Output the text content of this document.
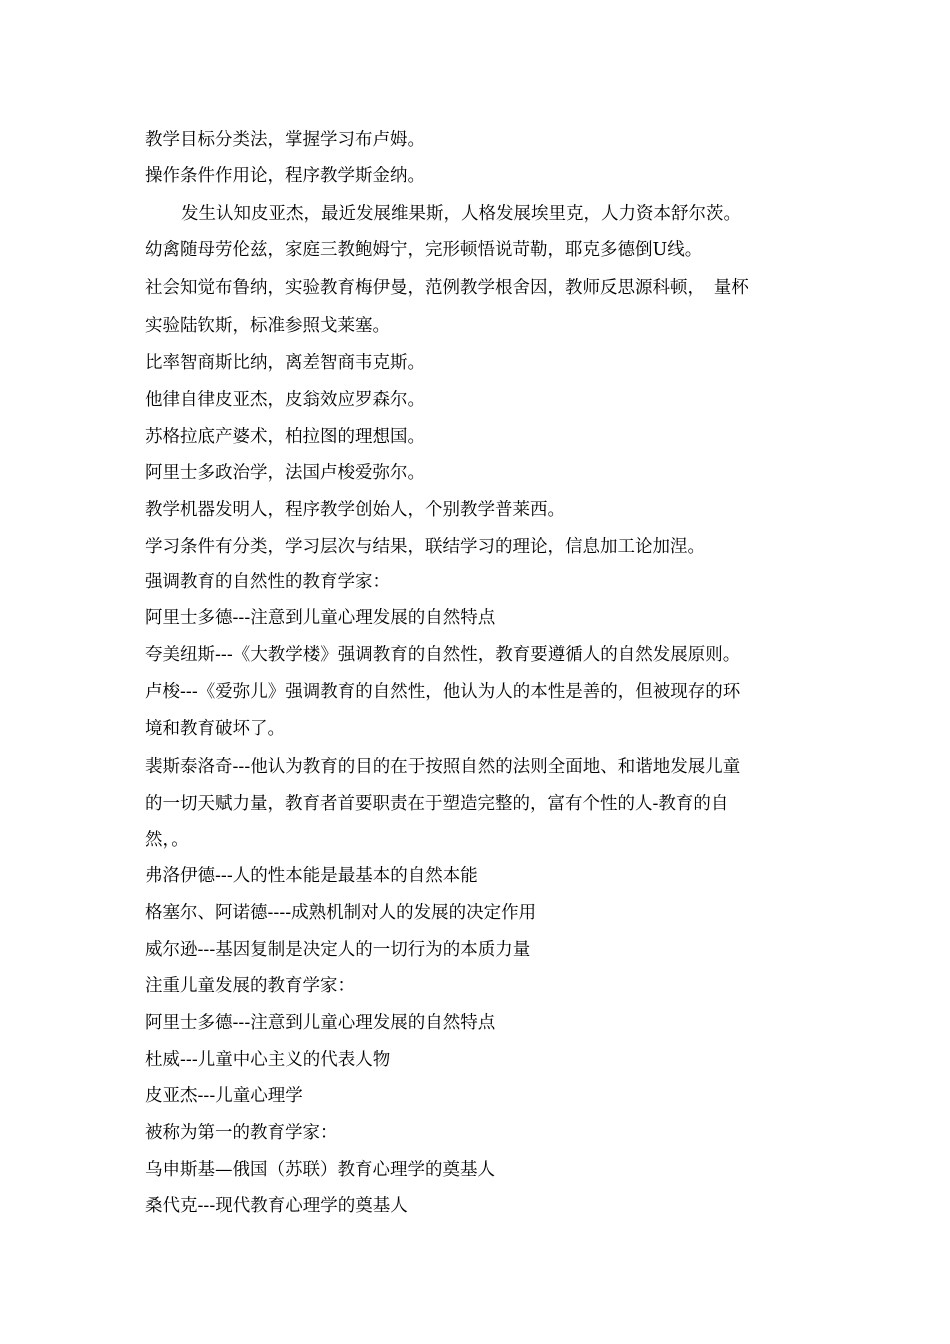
教学目标分类法，掌握学习布卢姆。
操作条件作用论，程序教学斯金纳。
发生认知皮亚杰，最近发展维果斯，人格发展埃里克，人力资本舒尔茨。
幼禽随母劳伦兹，家庭三教鲍姆宁，完形顿悟说苛勒，耶克多德倒U线。
社会知觉布鲁纳，实验教育梅伊曼，范例教学根舍因，教师反思源科顿，　量杯
实验陆钦斯，标准参照戈莱塞。
比率智商斯比纳，离差智商韦克斯。
他律自律皮亚杰，皮翁效应罗森尔。
苏格拉底产婆术，柏拉图的理想国。
阿里士多政治学，法国卢梭爱弥尔。
教学机器发明人，程序教学创始人，个别教学普莱西。
学习条件有分类，学习层次与结果，联结学习的理论，信息加工论加涅。
强调教育的自然性的教育学家：
阿里士多德---注意到儿童心理发展的自然特点
夸美纽斯---《大教学楼》强调教育的自然性，教育要遵循人的自然发展原则。
卢梭---《爱弥儿》强调教育的自然性，他认为人的本性是善的，但被现存的环
境和教育破坏了。
裴斯泰洛奇---他认为教育的目的在于按照自然的法则全面地、和谐地发展儿童
的一切天赋力量，教育者首要职责在于塑造完整的，富有个性的人-教育的自
然，。
弗洛伊德---人的性本能是最基本的自然本能
格塞尔、阿诺德----成熟机制对人的发展的决定作用
威尔逊---基因复制是决定人的一切行为的本质力量
注重儿童发展的教育学家：
阿里士多德---注意到儿童心理发展的自然特点
杜威---儿童中心主义的代表人物
皮亚杰---儿童心理学
被称为第一的教育学家：
乌申斯基—俄国（苏联）教育心理学的奠基人
桑代克---现代教育心理学的奠基人
